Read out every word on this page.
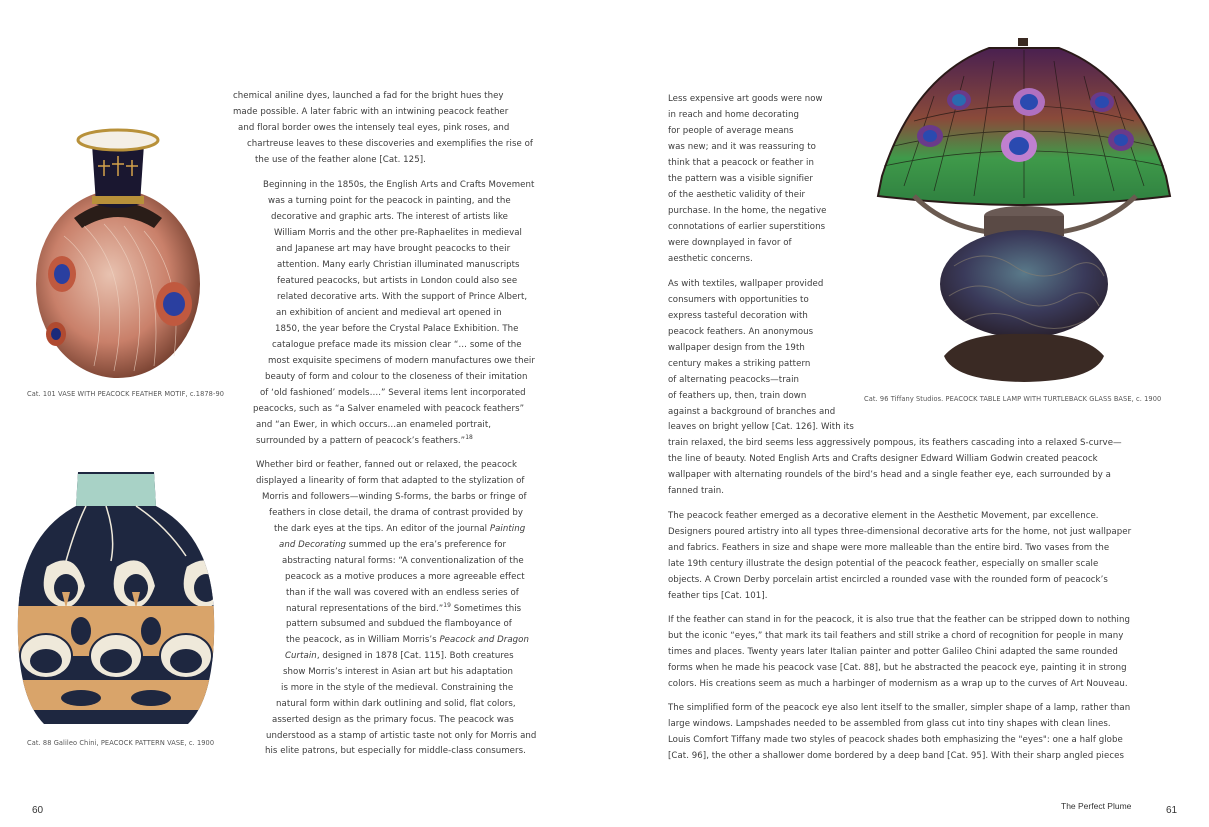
Cat. 101 VASE WITH PEACOCK FEATHER MOTIF, c.1878-90
Cat. 88 Galileo Chini, PEACOCK PATTERN VASE, c. 1900
chemical aniline dyes, launched a fad for the bright hues they
made possible. A later fabric with an intwining peacock feather
and floral border owes the intensely teal eyes, pink roses, and
chartreuse leaves to these discoveries and exemplifies the rise of
the use of the feather alone [Cat. 125].
Beginning in the 1850s, the English Arts and Crafts Movement
was a turning point for the peacock in painting, and the
decorative and graphic arts. The interest of artists like
William Morris and the other pre-Raphaelites in medieval
and Japanese art may have brought peacocks to their
attention. Many early Christian illuminated manuscripts
featured peacocks, but artists in London could also see
related decorative arts. With the support of Prince Albert,
an exhibition of ancient and medieval art opened in
1850, the year before the Crystal Palace Exhibition. The
catalogue preface made its mission clear “… some of the
most exquisite specimens of modern manufactures owe their
beauty of form and colour to the closeness of their imitation
of ‘old fashioned’ models….” Several items lent incorporated
peacocks, such as “a Salver enameled with peacock feathers”
and “an Ewer, in which occurs…an enameled portrait,
surrounded by a pattern of peacock’s feathers.”$^{18}$
Whether bird or feather, fanned out or relaxed, the peacock
displayed a linearity of form that adapted to the stylization of
Morris and followers—winding S-forms, the barbs or fringe of
feathers in close detail, the drama of contrast provided by
the dark eyes at the tips. An editor of the journal Painting
and Decorating summed up the era’s preference for
abstracting natural forms: “A conventionalization of the
peacock as a motive produces a more agreeable effect
than if the wall was covered with an endless series of
natural representations of the bird.”$^{19}$ Sometimes this
pattern subsumed and subdued the flamboyance of
the peacock, as in William Morris’s Peacock and Dragon
Curtain, designed in 1878 [Cat. 115]. Both creatures
show Morris’s interest in Asian art but his adaptation
is more in the style of the medieval. Constraining the
natural form within dark outlining and solid, flat colors,
asserted design as the primary focus. The peacock was
understood as a stamp of artistic taste not only for Morris and
his elite patrons, but especially for middle-class consumers.
60
Cat. 96 Tiffany Studios. PEACOCK TABLE LAMP WITH TURTLEBACK GLASS BASE, c. 1900
Less expensive art goods were now
in reach and home decorating
for people of average means
was new; and it was reassuring to
think that a peacock or feather in
the pattern was a visible signifier
of the aesthetic validity of their
purchase. In the home, the negative
connotations of earlier superstitions
were downplayed in favor of
aesthetic concerns.
As with textiles, wallpaper provided
consumers with opportunities to
express tasteful decoration with
peacock feathers. An anonymous
wallpaper design from the 19th
century makes a striking pattern
of alternating peacocks—train
of feathers up, then, train down
against a background of branches and
leaves on bright yellow [Cat. 126]. With its
train relaxed, the bird seems less aggressively pompous, its feathers cascading into a relaxed S-curve—
the line of beauty. Noted English Arts and Crafts designer Edward William Godwin created peacock
wallpaper with alternating roundels of the bird’s head and a single feather eye, each surrounded by a
fanned train.
The peacock feather emerged as a decorative element in the Aesthetic Movement, par excellence.
Designers poured artistry into all types three-dimensional decorative arts for the home, not just wallpaper
and fabrics. Feathers in size and shape were more malleable than the entire bird. Two vases from the
late 19th century illustrate the design potential of the peacock feather, especially on smaller scale
objects. A Crown Derby porcelain artist encircled a rounded vase with the rounded form of peacock’s
feather tips [Cat. 101].
If the feather can stand in for the peacock, it is also true that the feather can be stripped down to nothing
but the iconic “eyes,” that mark its tail feathers and still strike a chord of recognition for people in many
times and places. Twenty years later Italian painter and potter Galileo Chini adapted the same rounded
forms when he made his peacock vase [Cat. 88], but he abstracted the peacock eye, painting it in strong
colors. His creations seem as much a harbinger of modernism as a wrap up to the curves of Art Nouveau.
The simplified form of the peacock eye also lent itself to the smaller, simpler shape of a lamp, rather than
large windows. Lampshades needed to be assembled from glass cut into tiny shapes with clean lines.
Louis Comfort Tiffany made two styles of peacock shades both emphasizing the "eyes": one a half globe
[Cat. 96], the other a shallower dome bordered by a deep band [Cat. 95]. With their sharp angled pieces
The Perfect Plume	61
